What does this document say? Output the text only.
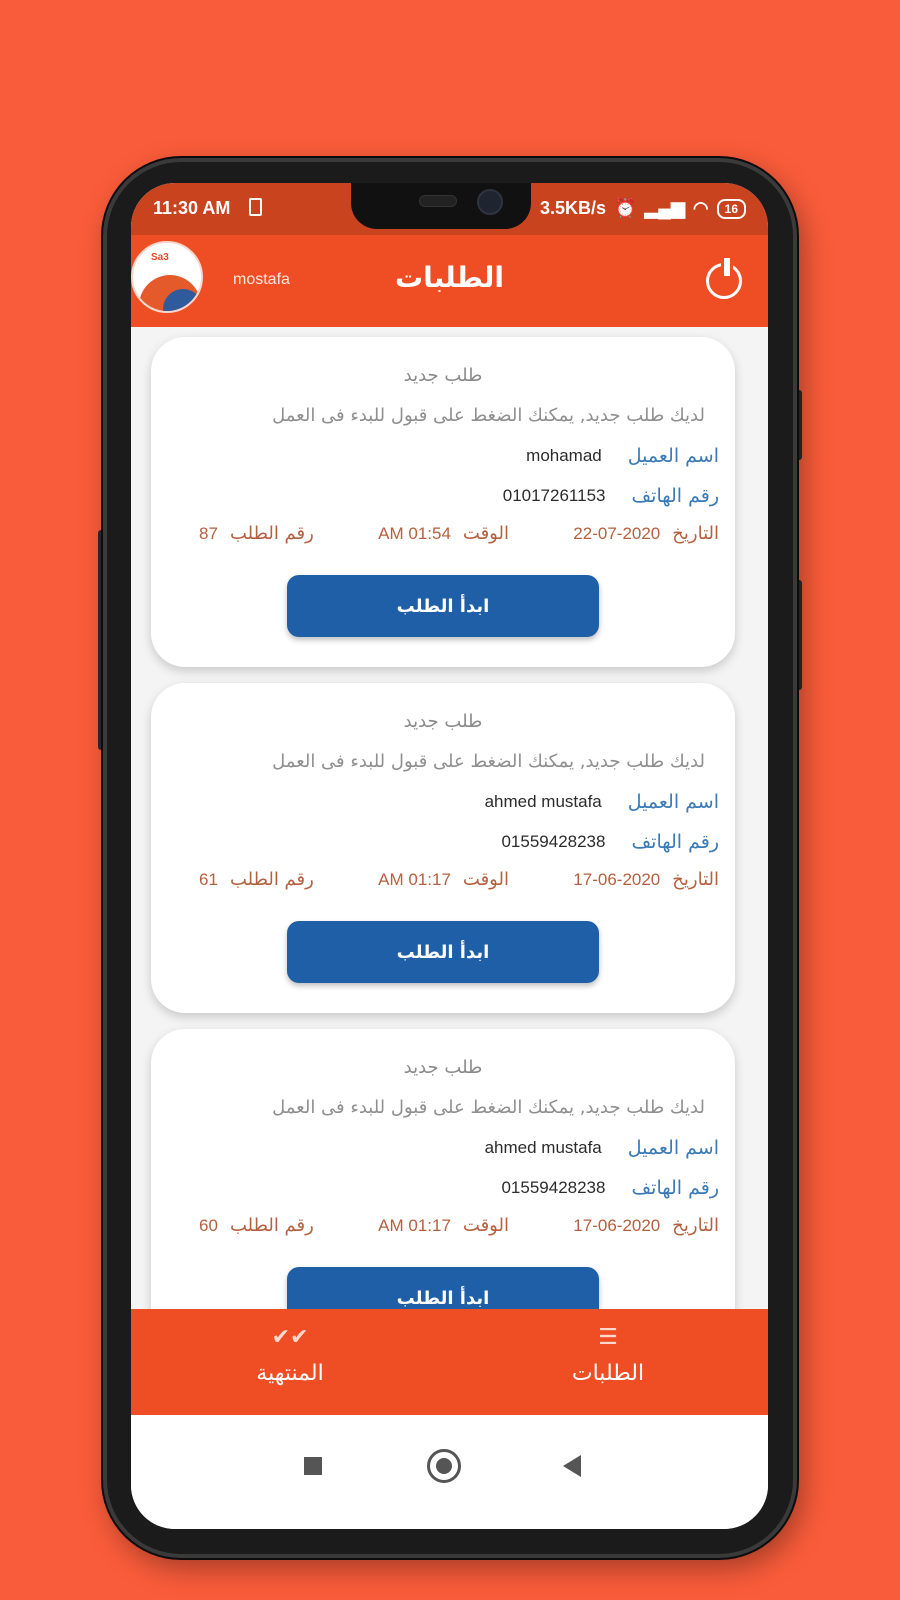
11:30 AM	3.5KB/s ⏰ ▂▄▆ ◠	16
Sa3
mostafa	الطلبات
طلب جديد
لديك طلب جديد, يمكنك الضغط على قبول للبدء فى العمل
اسم العميل
mohamad
رقم الهاتف
01017261153
التاريخ
22-07-2020
الوقت
AM 01:54
رقم الطلب
87
ابدأ الطلب
طلب جديد
لديك طلب جديد, يمكنك الضغط على قبول للبدء فى العمل
اسم العميل
ahmed mustafa
رقم الهاتف
01559428238
التاريخ
17-06-2020
الوقت
AM 01:17
رقم الطلب
61
ابدأ الطلب
طلب جديد
لديك طلب جديد, يمكنك الضغط على قبول للبدء فى العمل
اسم العميل
ahmed mustafa
رقم الهاتف
01559428238
التاريخ
17-06-2020
الوقت
AM 01:17
رقم الطلب
60
ابدأ الطلب
✔✔
المنتهية
☰
الطلبات
